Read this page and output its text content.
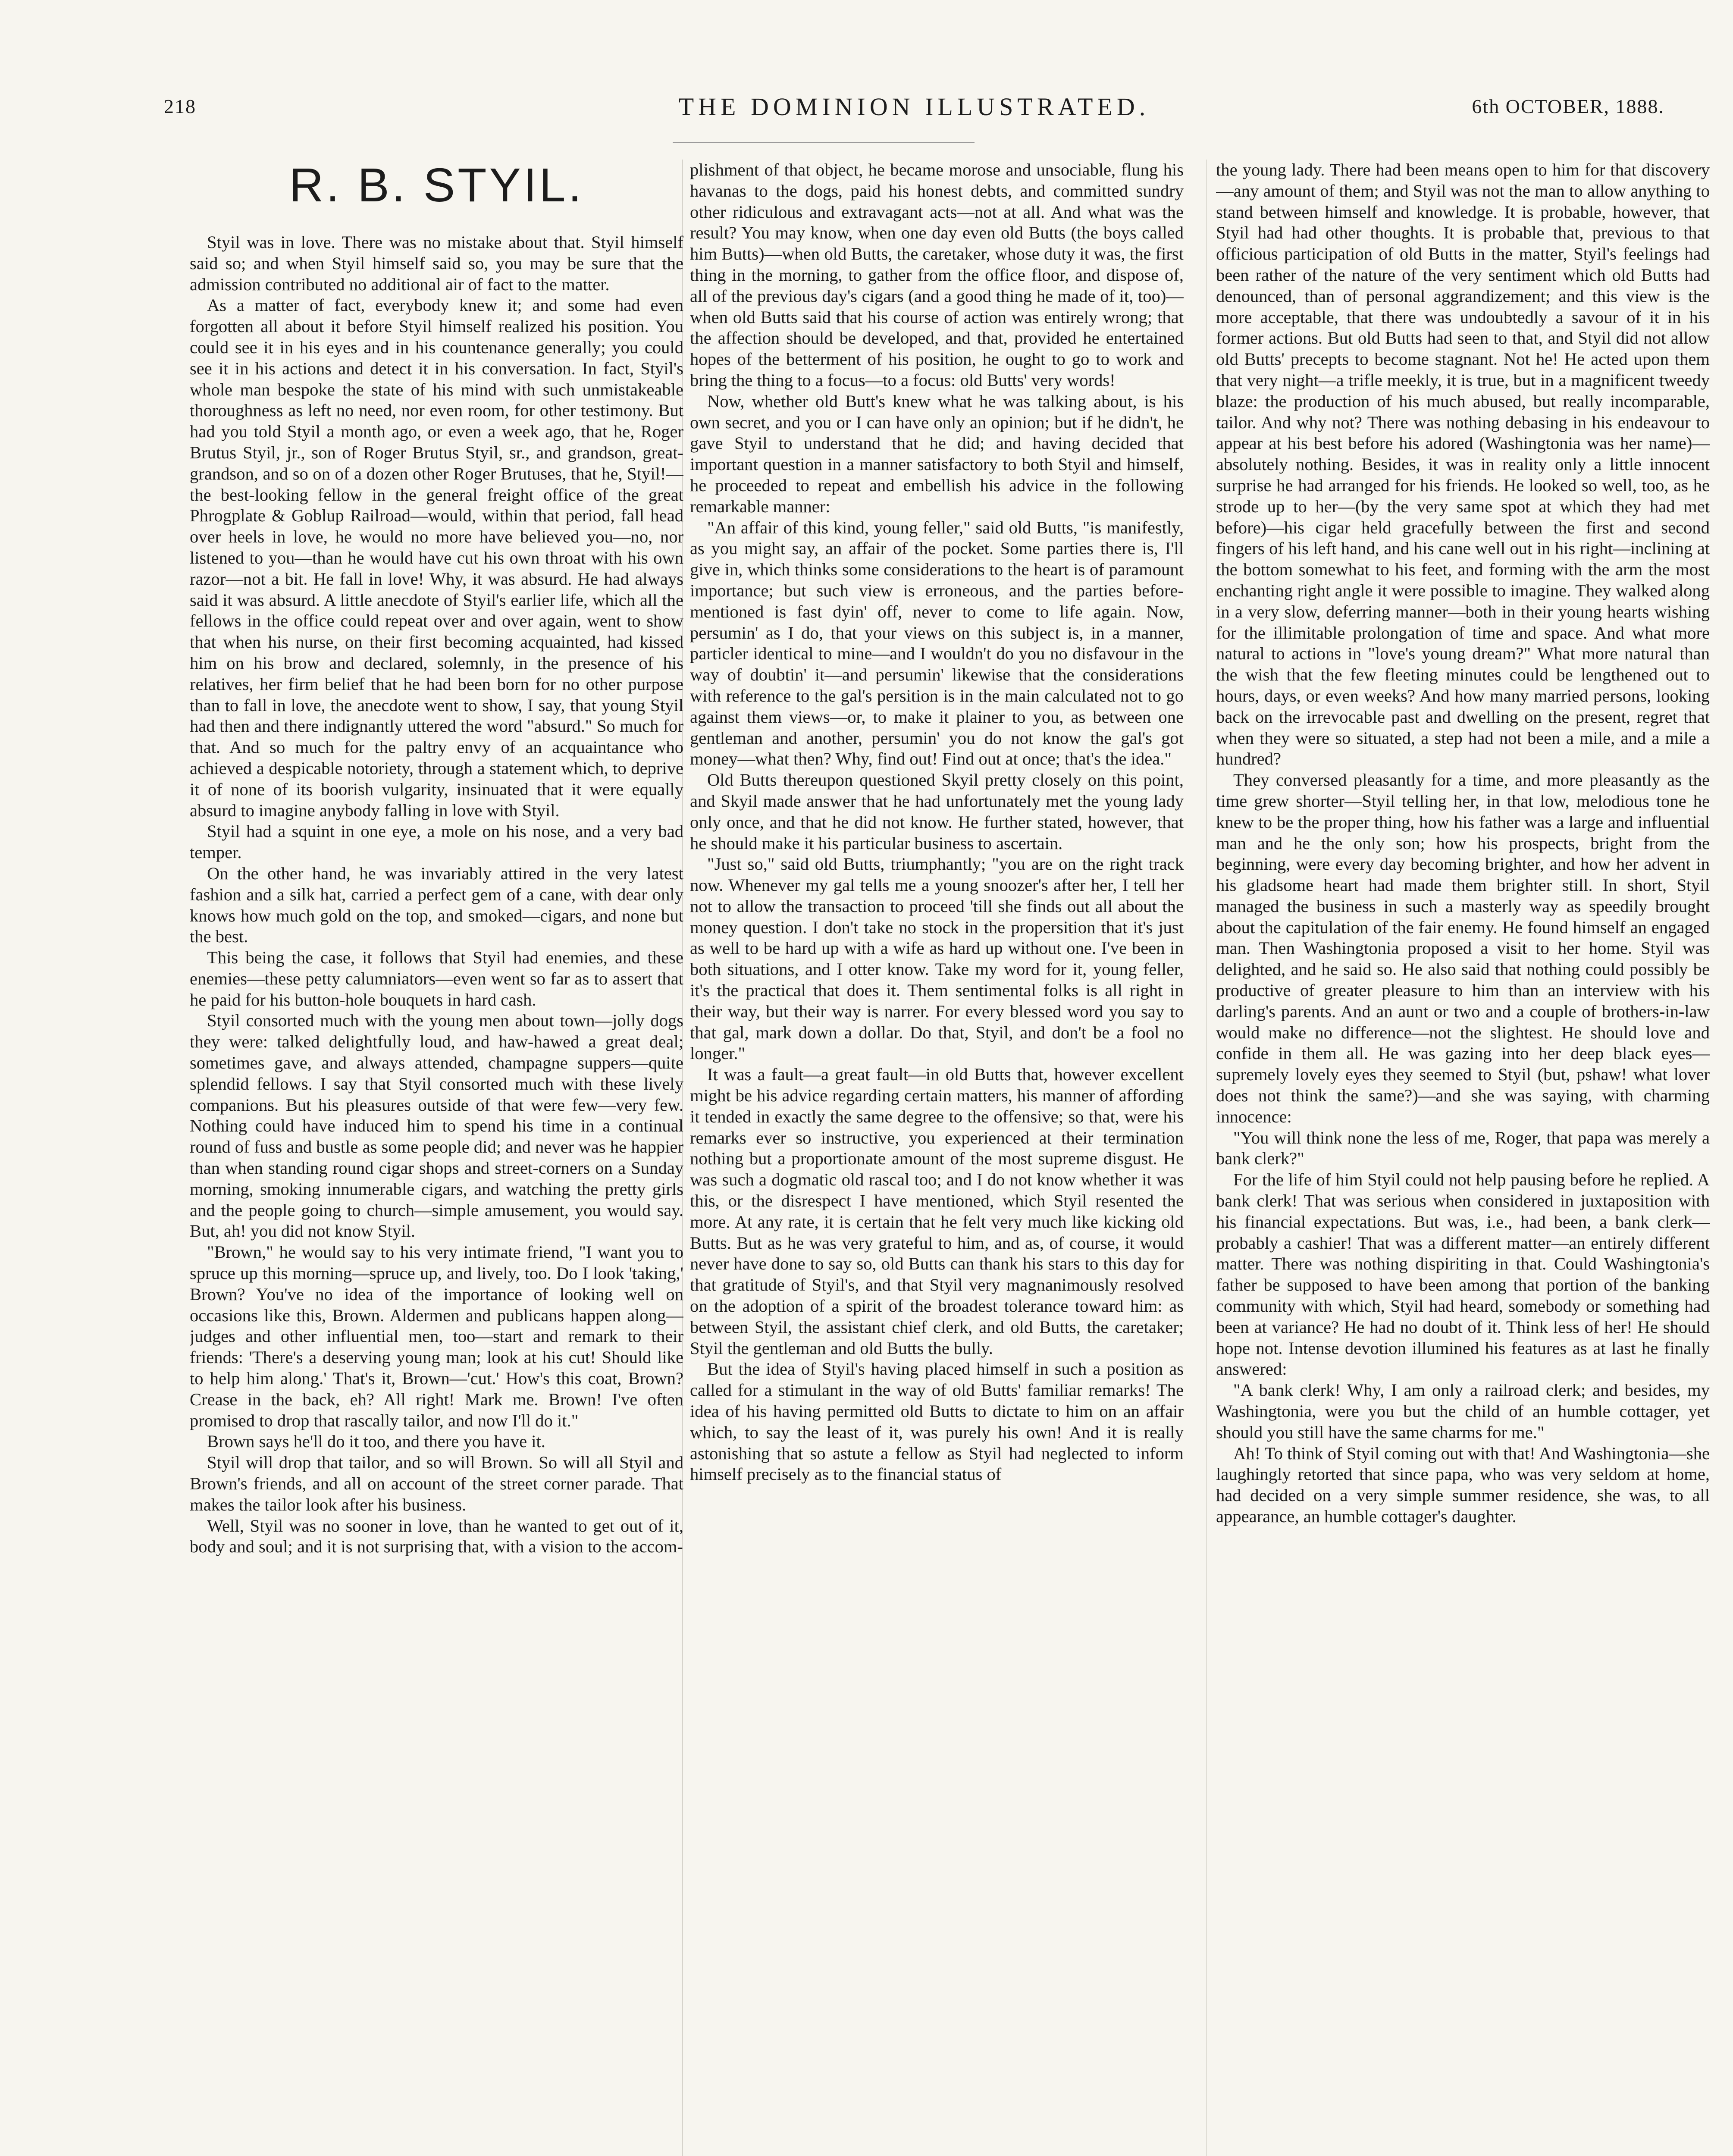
218	THE DOMINION ILLUSTRATED.	6th OCTOBER, 1888.
R. B. STYIL.

Styil was in love. There was no mistake about that. Styil himself said so; and when Styil himself said so, you may be sure that the admission contributed no additional air of fact to the matter.

As a matter of fact, everybody knew it; and some had even forgotten all about it before Styil himself realized his position. You could see it in his eyes and in his countenance generally; you could see it in his actions and detect it in his conversation. In fact, Styil's whole man bespoke the state of his mind with such unmistakeable thoroughness as left no need, nor even room, for other testimony. But had you told Styil a month ago, or even a week ago, that he, Roger Brutus Styil, jr., son of Roger Brutus Styil, sr., and grandson, great-grandson, and so on of a dozen other Roger Brutuses, that he, Styil!—the best-looking fellow in the general freight office of the great Phrogplate & Goblup Railroad—would, within that period, fall head over heels in love, he would no more have believed you—no, nor listened to you—than he would have cut his own throat with his own razor—not a bit. He fall in love! Why, it was absurd. He had always said it was absurd. A little anecdote of Styil's earlier life, which all the fellows in the office could repeat over and over again, went to show that when his nurse, on their first becoming acquainted, had kissed him on his brow and declared, solemnly, in the presence of his relatives, her firm belief that he had been born for no other purpose than to fall in love, the anecdote went to show, I say, that young Styil had then and there indignantly uttered the word "absurd." So much for that. And so much for the paltry envy of an acquaintance who achieved a despicable notoriety, through a statement which, to deprive it of none of its boorish vulgarity, insinuated that it were equally absurd to imagine anybody falling in love with Styil.

Styil had a squint in one eye, a mole on his nose, and a very bad temper.

On the other hand, he was invariably attired in the very latest fashion and a silk hat, carried a perfect gem of a cane, with dear only knows how much gold on the top, and smoked—cigars, and none but the best.

This being the case, it follows that Styil had enemies, and these enemies—these petty calumniators—even went so far as to assert that he paid for his button-hole bouquets in hard cash.

Styil consorted much with the young men about town—jolly dogs they were: talked delightfully loud, and haw-hawed a great deal; sometimes gave, and always attended, champagne suppers—quite splendid fellows. I say that Styil consorted much with these lively companions. But his pleasures outside of that were few—very few. Nothing could have induced him to spend his time in a continual round of fuss and bustle as some people did; and never was he happier than when standing round cigar shops and street-corners on a Sunday morning, smoking innumerable cigars, and watching the pretty girls and the people going to church—simple amusement, you would say. But, ah! you did not know Styil.

"Brown," he would say to his very intimate friend, "I want you to spruce up this morning—spruce up, and lively, too. Do I look 'taking,' Brown? You've no idea of the importance of looking well on occasions like this, Brown. Aldermen and publicans happen along—judges and other influential men, too—start and remark to their friends: 'There's a deserving young man; look at his cut! Should like to help him along.' That's it, Brown—'cut.' How's this coat, Brown? Crease in the back, eh? All right! Mark me. Brown! I've often promised to drop that rascally tailor, and now I'll do it."

Brown says he'll do it too, and there you have it.

Styil will drop that tailor, and so will Brown. So will all Styil and Brown's friends, and all on account of the street corner parade. That makes the tailor look after his business.

Well, Styil was no sooner in love, than he wanted to get out of it, body and soul; and it is not surprising that, with a vision to the accom-

plishment of that object, he became morose and unsociable, flung his havanas to the dogs, paid his honest debts, and committed sundry other ridiculous and extravagant acts—not at all. And what was the result? You may know, when one day even old Butts (the boys called him Butts)—when old Butts, the caretaker, whose duty it was, the first thing in the morning, to gather from the office floor, and dispose of, all of the previous day's cigars (and a good thing he made of it, too)—when old Butts said that his course of action was entirely wrong; that the affection should be developed, and that, provided he entertained hopes of the betterment of his position, he ought to go to work and bring the thing to a focus—to a focus: old Butts' very words!

Now, whether old Butt's knew what he was talking about, is his own secret, and you or I can have only an opinion; but if he didn't, he gave Styil to understand that he did; and having decided that important question in a manner satisfactory to both Styil and himself, he proceeded to repeat and embellish his advice in the following remarkable manner:

"An affair of this kind, young feller," said old Butts, "is manifestly, as you might say, an affair of the pocket. Some parties there is, I'll give in, which thinks some considerations to the heart is of paramount importance; but such view is erroneous, and the parties before-mentioned is fast dyin' off, never to come to life again. Now, persumin' as I do, that your views on this subject is, in a manner, particler identical to mine—and I wouldn't do you no disfavour in the way of doubtin' it—and persumin' likewise that the considerations with reference to the gal's persition is in the main calculated not to go against them views—or, to make it plainer to you, as between one gentleman and another, persumin' you do not know the gal's got money—what then? Why, find out! Find out at once; that's the idea."

Old Butts thereupon questioned Skyil pretty closely on this point, and Skyil made answer that he had unfortunately met the young lady only once, and that he did not know. He further stated, however, that he should make it his particular business to ascertain.

"Just so," said old Butts, triumphantly; "you are on the right track now. Whenever my gal tells me a young snoozer's after her, I tell her not to allow the transaction to proceed 'till she finds out all about the money question. I don't take no stock in the propersition that it's just as well to be hard up with a wife as hard up without one. I've been in both situations, and I otter know. Take my word for it, young feller, it's the practical that does it. Them sentimental folks is all right in their way, but their way is narrer. For every blessed word you say to that gal, mark down a dollar. Do that, Styil, and don't be a fool no longer."

It was a fault—a great fault—in old Butts that, however excellent might be his advice regarding certain matters, his manner of affording it tended in exactly the same degree to the offensive; so that, were his remarks ever so instructive, you experienced at their termination nothing but a proportionate amount of the most supreme disgust. He was such a dogmatic old rascal too; and I do not know whether it was this, or the disrespect I have mentioned, which Styil resented the more. At any rate, it is certain that he felt very much like kicking old Butts. But as he was very grateful to him, and as, of course, it would never have done to say so, old Butts can thank his stars to this day for that gratitude of Styil's, and that Styil very magnanimously resolved on the adoption of a spirit of the broadest tolerance toward him: as between Styil, the assistant chief clerk, and old Butts, the caretaker; Styil the gentleman and old Butts the bully.

But the idea of Styil's having placed himself in such a position as called for a stimulant in the way of old Butts' familiar remarks! The idea of his having permitted old Butts to dictate to him on an affair which, to say the least of it, was purely his own! And it is really astonishing that so astute a fellow as Styil had neglected to inform himself precisely as to the financial status of

the young lady. There had been means open to him for that discovery—any amount of them; and Styil was not the man to allow anything to stand between himself and knowledge. It is probable, however, that Styil had had other thoughts. It is probable that, previous to that officious participation of old Butts in the matter, Styil's feelings had been rather of the nature of the very sentiment which old Butts had denounced, than of personal aggrandizement; and this view is the more acceptable, that there was undoubtedly a savour of it in his former actions. But old Butts had seen to that, and Styil did not allow old Butts' precepts to become stagnant. Not he! He acted upon them that very night—a trifle meekly, it is true, but in a magnificent tweedy blaze: the production of his much abused, but really incomparable, tailor. And why not? There was nothing debasing in his endeavour to appear at his best before his adored (Washingtonia was her name)—absolutely nothing. Besides, it was in reality only a little innocent surprise he had arranged for his friends. He looked so well, too, as he strode up to her—(by the very same spot at which they had met before)—his cigar held gracefully between the first and second fingers of his left hand, and his cane well out in his right—inclining at the bottom somewhat to his feet, and forming with the arm the most enchanting right angle it were possible to imagine. They walked along in a very slow, deferring manner—both in their young hearts wishing for the illimitable prolongation of time and space. And what more natural to actions in "love's young dream?" What more natural than the wish that the few fleeting minutes could be lengthened out to hours, days, or even weeks? And how many married persons, looking back on the irrevocable past and dwelling on the present, regret that when they were so situated, a step had not been a mile, and a mile a hundred?

They conversed pleasantly for a time, and more pleasantly as the time grew shorter—Styil telling her, in that low, melodious tone he knew to be the proper thing, how his father was a large and influential man and he the only son; how his prospects, bright from the beginning, were every day becoming brighter, and how her advent in his gladsome heart had made them brighter still. In short, Styil managed the business in such a masterly way as speedily brought about the capitulation of the fair enemy. He found himself an engaged man. Then Washingtonia proposed a visit to her home. Styil was delighted, and he said so. He also said that nothing could possibly be productive of greater pleasure to him than an interview with his darling's parents. And an aunt or two and a couple of brothers-in-law would make no difference—not the slightest. He should love and confide in them all. He was gazing into her deep black eyes—supremely lovely eyes they seemed to Styil (but, pshaw! what lover does not think the same?)—and she was saying, with charming innocence:

"You will think none the less of me, Roger, that papa was merely a bank clerk?"

For the life of him Styil could not help pausing before he replied. A bank clerk! That was serious when considered in juxtaposition with his financial expectations. But was, i.e., had been, a bank clerk—probably a cashier! That was a different matter—an entirely different matter. There was nothing dispiriting in that. Could Washingtonia's father be supposed to have been among that portion of the banking community with which, Styil had heard, somebody or something had been at variance? He had no doubt of it. Think less of her! He should hope not. Intense devotion illumined his features as at last he finally answered:

"A bank clerk! Why, I am only a railroad clerk; and besides, my Washingtonia, were you but the child of an humble cottager, yet should you still have the same charms for me."

Ah! To think of Styil coming out with that! And Washingtonia—she laughingly retorted that since papa, who was very seldom at home, had decided on a very simple summer residence, she was, to all appearance, an humble cottager's daughter.
